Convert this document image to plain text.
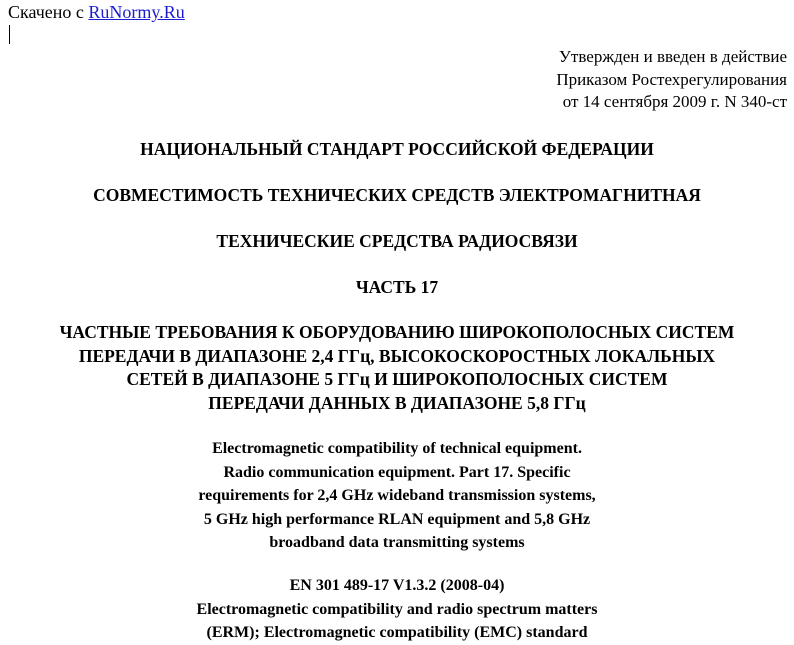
Скачено с RuNormy.Ru
Утвержден и введен в действие
Приказом Ростехрегулирования
от 14 сентября 2009 г. N 340-ст
НАЦИОНАЛЬНЫЙ СТАНДАРТ РОССИЙСКОЙ ФЕДЕРАЦИИ
СОВМЕСТИМОСТЬ ТЕХНИЧЕСКИХ СРЕДСТВ ЭЛЕКТРОМАГНИТНАЯ
ТЕХНИЧЕСКИЕ СРЕДСТВА РАДИОСВЯЗИ
ЧАСТЬ 17
ЧАСТНЫЕ ТРЕБОВАНИЯ К ОБОРУДОВАНИЮ ШИРОКОПОЛОСНЫХ СИСТЕМ
ПЕРЕДАЧИ В ДИАПАЗОНЕ 2,4 ГГц, ВЫСОКОСКОРОСТНЫХ ЛОКАЛЬНЫХ
СЕТЕЙ В ДИАПАЗОНЕ 5 ГГц И ШИРОКОПОЛОСНЫХ СИСТЕМ
ПЕРЕДАЧИ ДАННЫХ В ДИАПАЗОНЕ 5,8 ГГц
Electromagnetic compatibility of technical equipment.
Radio communication equipment. Part 17. Specific
requirements for 2,4 GHz wideband transmission systems,
5 GHz high performance RLAN equipment and 5,8 GHz
broadband data transmitting systems
EN 301 489-17 V1.3.2 (2008-04)
Electromagnetic compatibility and radio spectrum matters
(ERM); Electromagnetic compatibility (EMC) standard
